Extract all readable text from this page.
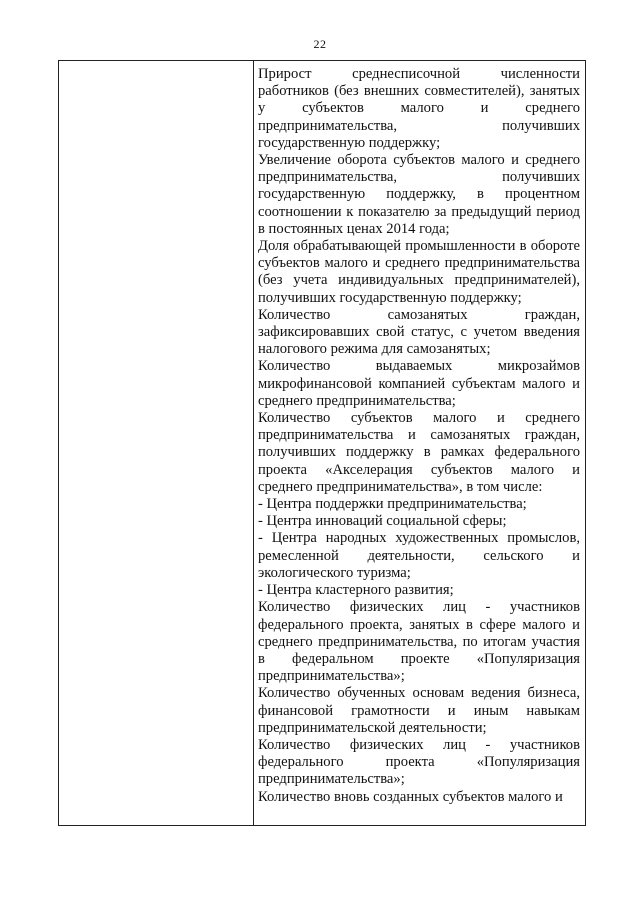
22

Прирост среднесписочной численности работников (без внешних совместителей), занятых у субъектов малого и среднего предпринимательства, получивших государственную поддержку;

Увеличение оборота субъектов малого и среднего предпринимательства, получивших государственную поддержку, в процентном соотношении к показателю за предыдущий период в постоянных ценах 2014 года;

Доля обрабатывающей промышленности в обороте субъектов малого и среднего предпринимательства (без учета индивидуальных предпринимателей), получивших государственную поддержку;

Количество самозанятых граждан, зафиксировавших свой статус, с учетом введения налогового режима для самозанятых;

Количество выдаваемых микрозаймов микрофинансовой компанией субъектам малого и среднего предпринимательства;

Количество субъектов малого и среднего предпринимательства и самозанятых граждан, получивших поддержку в рамках федерального проекта «Акселерация субъектов малого и среднего предпринимательства», в том числе:

- Центра поддержки предпринимательства;

- Центра инноваций социальной сферы;

- Центра народных художественных промыслов, ремесленной деятельности, сельского и экологического туризма;

- Центра кластерного развития;

Количество физических лиц - участников федерального проекта, занятых в сфере малого и среднего предпринимательства, по итогам участия в федеральном проекте «Популяризация предпринимательства»;

Количество обученных основам ведения бизнеса, финансовой грамотности и иным навыкам предпринимательской деятельности;

Количество физических лиц - участников федерального проекта «Популяризация предпринимательства»;

Количество вновь созданных субъектов малого и
